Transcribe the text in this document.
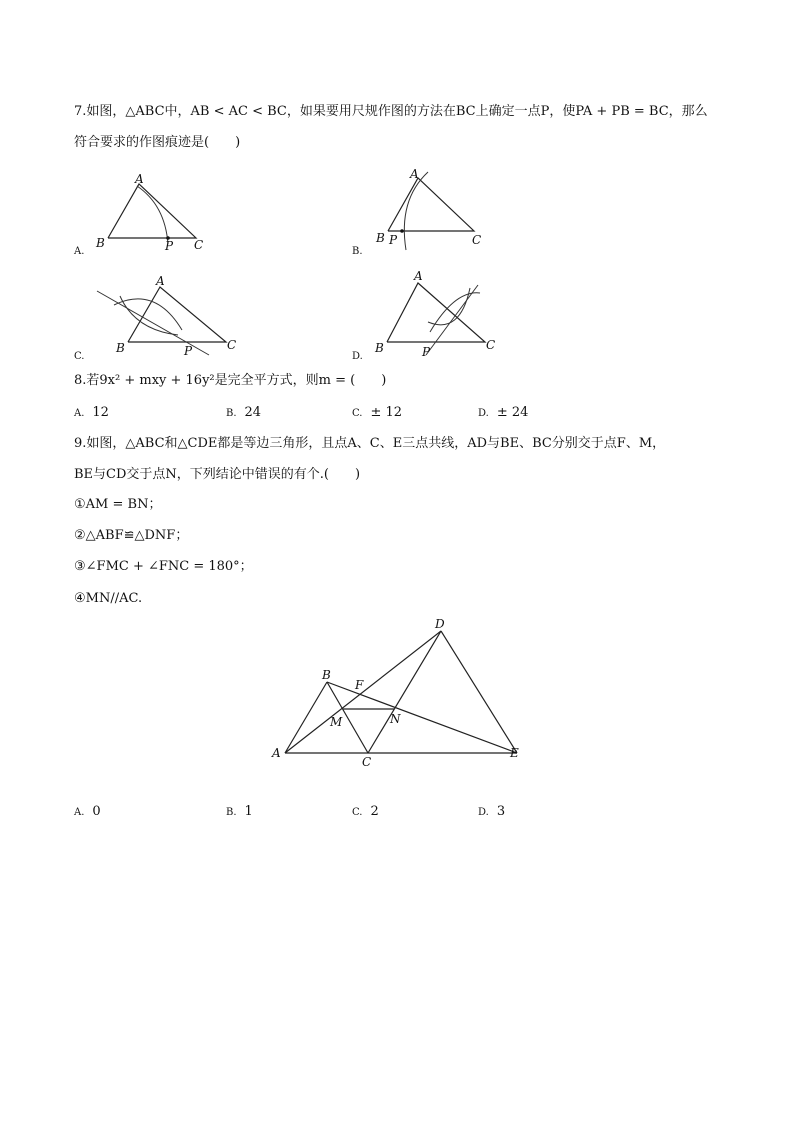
7.如图，△ABC中，AB < AC < BC，如果要用尺规作图的方法在BC上确定一点P，使PA + PB = BC，那么
符合要求的作图痕迹是(　　)
A
B	C
P
A
B	C
P
A
B	C
P
A
B	C
P
B
D
F
M	N
A
C
E
A.	B.
C.	D.
8.若9x² + mxy + 16y²是完全平方式，则m = (　　)
A. 12	B. 24	C. ± 12	D. ± 24
9.如图，△ABC和△CDE都是等边三角形，且点A、C、E三点共线，AD与BE、BC分别交于点F、M，
BE与CD交于点N，下列结论中错误的有个.(　　)
①AM = BN；
②△ABF≌△DNF；
③∠FMC + ∠FNC = 180°；
④MN//AC.
A. 0	B. 1	C. 2	D. 3
